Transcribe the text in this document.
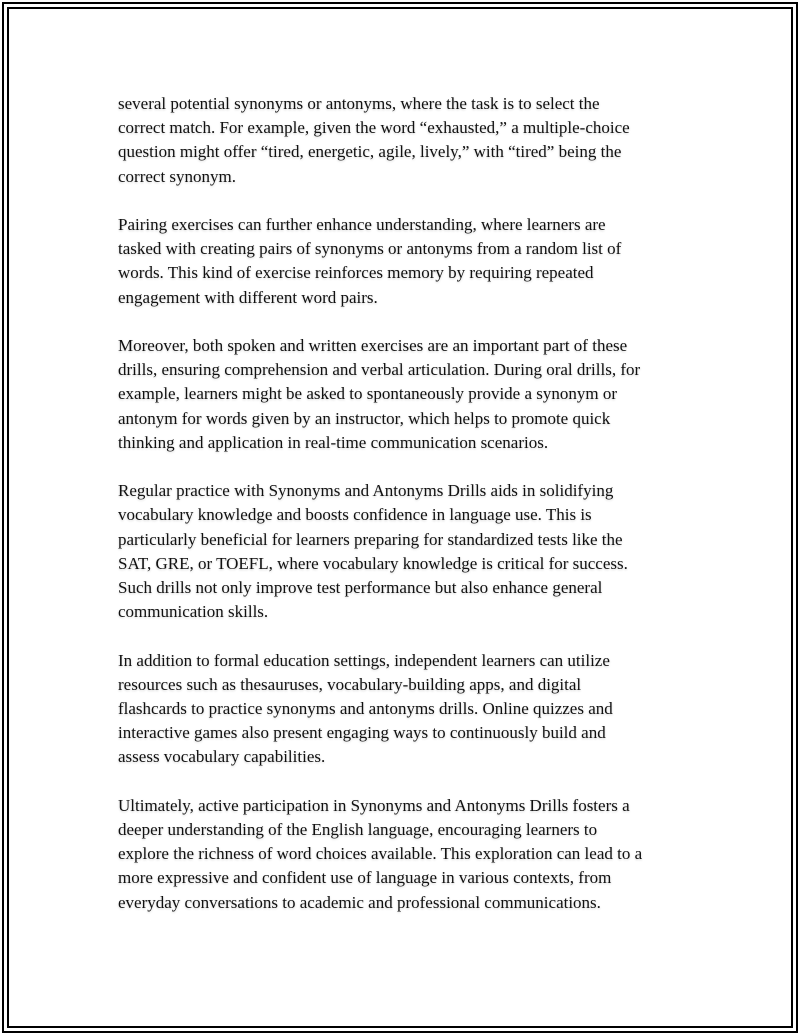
several potential synonyms or antonyms, where the task is to select the
correct match. For example, given the word “exhausted,” a multiple-choice
question might offer “tired, energetic, agile, lively,” with “tired” being the
correct synonym.

Pairing exercises can further enhance understanding, where learners are
tasked with creating pairs of synonyms or antonyms from a random list of
words. This kind of exercise reinforces memory by requiring repeated
engagement with different word pairs.

Moreover, both spoken and written exercises are an important part of these
drills, ensuring comprehension and verbal articulation. During oral drills, for
example, learners might be asked to spontaneously provide a synonym or
antonym for words given by an instructor, which helps to promote quick
thinking and application in real-time communication scenarios.

Regular practice with Synonyms and Antonyms Drills aids in solidifying
vocabulary knowledge and boosts confidence in language use. This is
particularly beneficial for learners preparing for standardized tests like the
SAT, GRE, or TOEFL, where vocabulary knowledge is critical for success.
Such drills not only improve test performance but also enhance general
communication skills.

In addition to formal education settings, independent learners can utilize
resources such as thesauruses, vocabulary-building apps, and digital
flashcards to practice synonyms and antonyms drills. Online quizzes and
interactive games also present engaging ways to continuously build and
assess vocabulary capabilities.

Ultimately, active participation in Synonyms and Antonyms Drills fosters a
deeper understanding of the English language, encouraging learners to
explore the richness of word choices available. This exploration can lead to a
more expressive and confident use of language in various contexts, from
everyday conversations to academic and professional communications.
